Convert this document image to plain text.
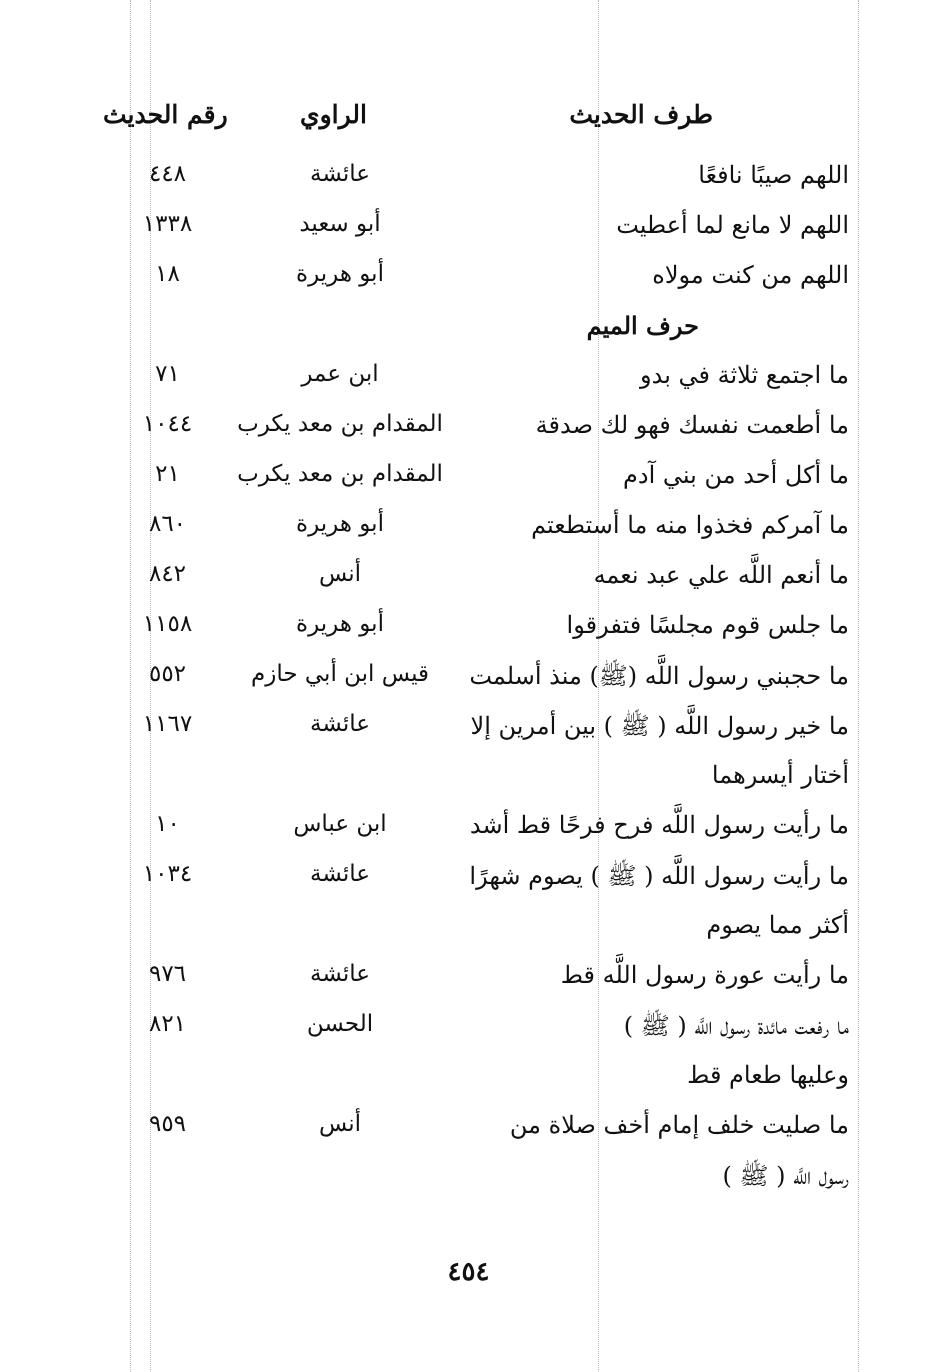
طرف الحديث
الراوي
رقم الحديث
اللهم صيبًا نافعًا
عائشة
٤٤٨
اللهم لا مانع لما أعطيت
أبو سعيد
١٣٣٨
اللهم من كنت مولاه
أبو هريرة
١٨
حرف الميم
ما اجتمع ثلاثة في بدو
ابن عمر
٧١
ما أطعمت نفسك فهو لك صدقة
المقدام بن معد يكرب
١٠٤٤
ما أكل أحد من بني آدم
المقدام بن معد يكرب
٢١
ما آمركم فخذوا منه ما أستطعتم
أبو هريرة
٨٦٠
ما أنعم اللَّه علي عبد نعمه
أنس
٨٤٢
ما جلس قوم مجلسًا فتفرقوا
أبو هريرة
١١٥٨
ما حجبني رسول اللَّه (ﷺ) منذ أسلمت
قيس ابن أبي حازم
٥٥٢
ما خير رسول اللَّه ( ﷺ ) بين أمرين إلا
عائشة
١١٦٧
أختار أيسرهما
ما رأيت رسول اللَّه فرح فرحًا قط أشد
ابن عباس
١٠
ما رأيت رسول اللَّه ( ﷺ ) يصوم شهرًا
عائشة
١٠٣٤
أكثر مما يصوم
ما رأيت عورة رسول اللَّه قط
عائشة
٩٧٦
ما رفعت مائدة رسول اللَّه ( ﷺ )
الحسن
٨٢١
وعليها طعام قط
ما صليت خلف إمام أخف صلاة من
أنس
٩٥٩
رسول اللَّه ( ﷺ )
٤٥٤
